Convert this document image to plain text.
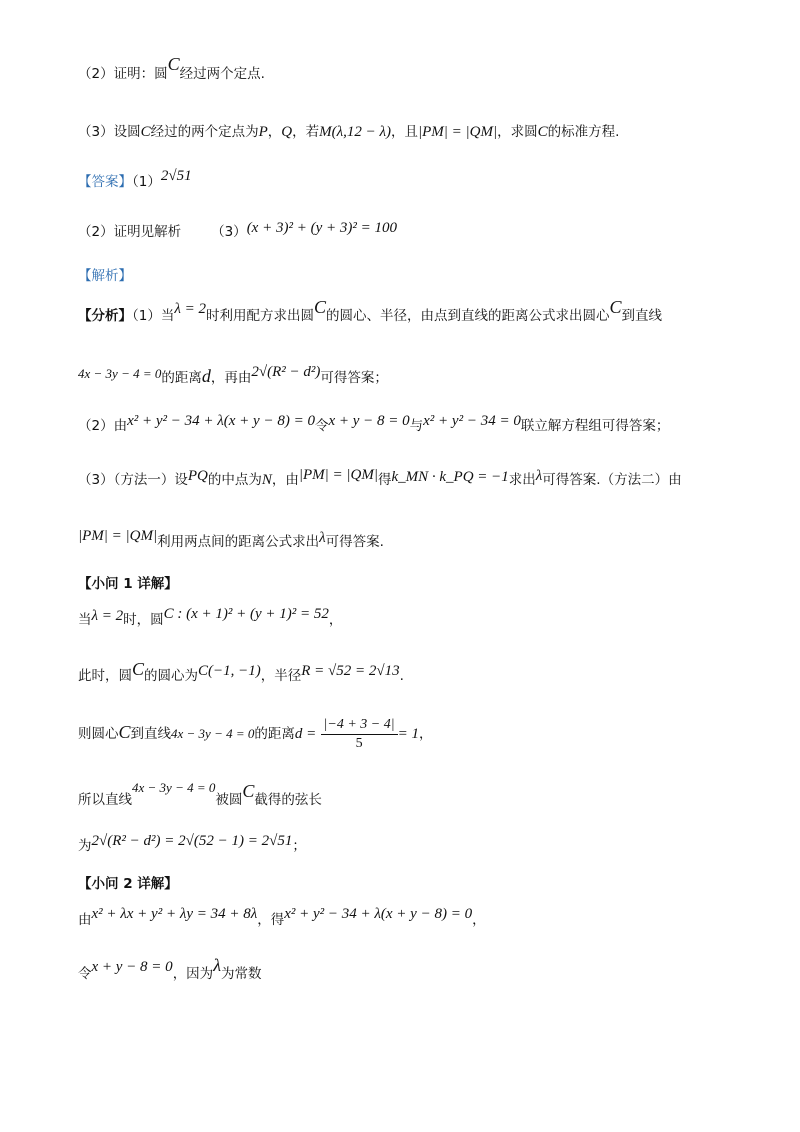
（2）证明：圆C经过两个定点.
（3）设圆C经过的两个定点为P，Q，若M(λ,12 − λ)，且|PM| = |QM|，求圆C的标准方程.
【答案】（1）2√51
（2）证明见解析 （3）(x + 3)² + (y + 3)² = 100
【解析】
【分析】（1）当λ = 2时利用配方求出圆C的圆心、半径，由点到直线的距离公式求出圆心C到直线
4x − 3y − 4 = 0的距离d，再由2√(R² − d²)可得答案；
（2）由x² + y² − 34 + λ(x + y − 8) = 0令x + y − 8 = 0与x² + y² − 34 = 0联立解方程组可得答案；
（3）（方法一）设PQ的中点为N，由|PM| = |QM|得k_MN · k_PQ = −1求出λ可得答案.（方法二）由
|PM| = |QM|利用两点间的距离公式求出λ可得答案.
【小问 1 详解】
当λ = 2时，圆C : (x + 1)² + (y + 1)² = 52，
此时，圆C的圆心为C(−1, −1)，半径R = √52 = 2√13.
则圆心C到直线4x − 3y − 4 = 0的距离$d = \frac{|-4 + 3 - 4|}{5} = 1$，
所以直线4x − 3y − 4 = 0被圆C截得的弦长
为2√(R² − d²) = 2√(52 − 1) = 2√51；
【小问 2 详解】
由x² + λx + y² + λy = 34 + 8λ，得x² + y² − 34 + λ(x + y − 8) = 0，
令x + y − 8 = 0，因为λ为常数
